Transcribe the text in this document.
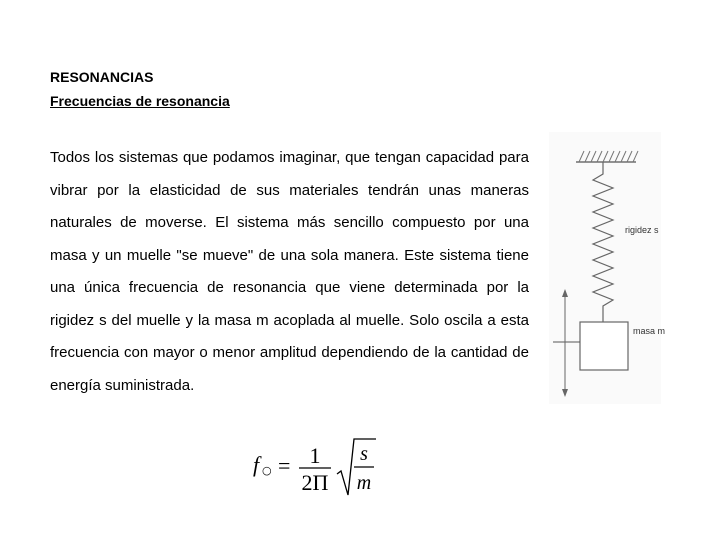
RESONANCIAS
Frecuencias de resonancia

Todos los sistemas que podamos imaginar, que tengan capacidad para vibrar por la elasticidad de sus materiales tendrán unas maneras naturales de moverse. El sistema más sencillo compuesto por una masa y un muelle "se mueve" de una sola manera. Este sistema tiene una única frecuencia de resonancia que viene determinada por la rigidez s del muelle y la masa m acoplada al muelle. Solo oscila a esta frecuencia con mayor o menor amplitud dependiendo de la cantidad de energía suministrada.

rigidez s
masa m
f ○ = 1
2Π
s
m
